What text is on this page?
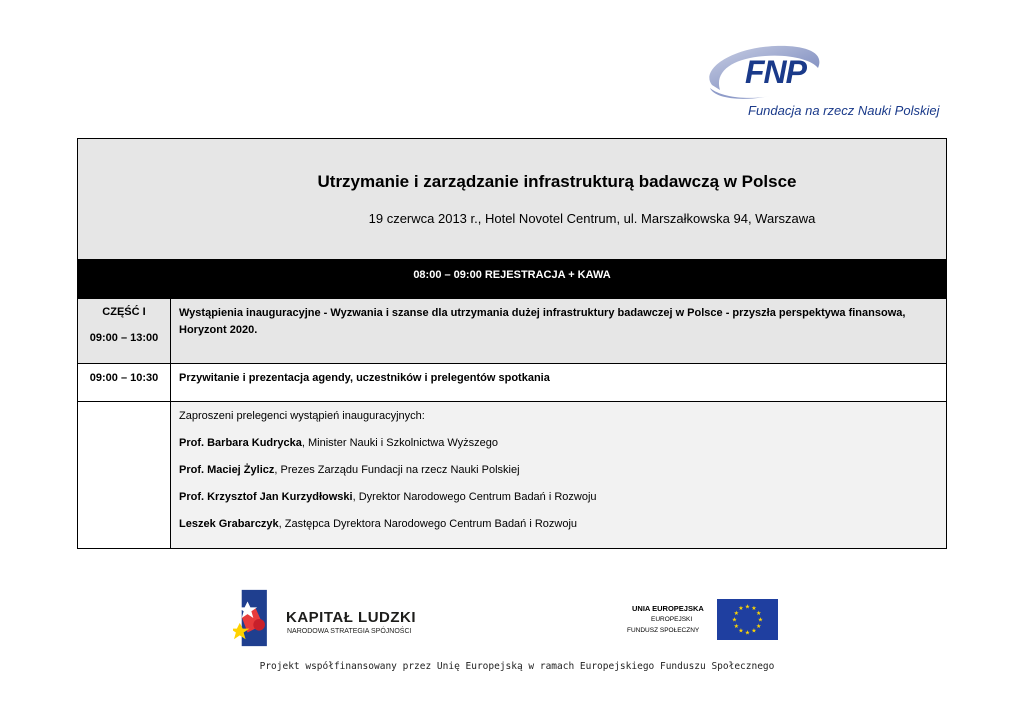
FNP
Fundacja na rzecz Nauki Polskiej
Utrzymanie i zarządzanie infrastrukturą badawczą w Polsce
19 czerwca 2013 r., Hotel Novotel Centrum, ul. Marszałkowska 94, Warszawa
08:00 – 09:00 REJESTRACJA + KAWA
CZĘŚĆ I
09:00 – 13:00
Wystąpienia inauguracyjne - Wyzwania i szanse dla utrzymania dużej infrastruktury badawczej w Polsce - przyszła perspektywa finansowa, Horyzont 2020.
09:00 – 10:30	Przywitanie i prezentacja agendy, uczestników i prelegentów spotkania
Zaproszeni prelegenci wystąpień inauguracyjnych:
Prof. Barbara Kudrycka, Minister Nauki i Szkolnictwa Wyższego
Prof. Maciej Żylicz, Prezes Zarządu Fundacji na rzecz Nauki Polskiej
Prof. Krzysztof Jan Kurzydłowski, Dyrektor Narodowego Centrum Badań i Rozwoju
Leszek Grabarczyk, Zastępca Dyrektora Narodowego Centrum Badań i Rozwoju
KAPITAŁ LUDZKI
NARODOWA STRATEGIA SPÓJNOŚCI
UNIA EUROPEJSKA
EUROPEJSKI
FUNDUSZ SPOŁECZNY
★ ★
★
★
★
★
★
★
★
★
★
★
Projekt współfinansowany przez Unię Europejską w ramach Europejskiego Funduszu Społecznego
